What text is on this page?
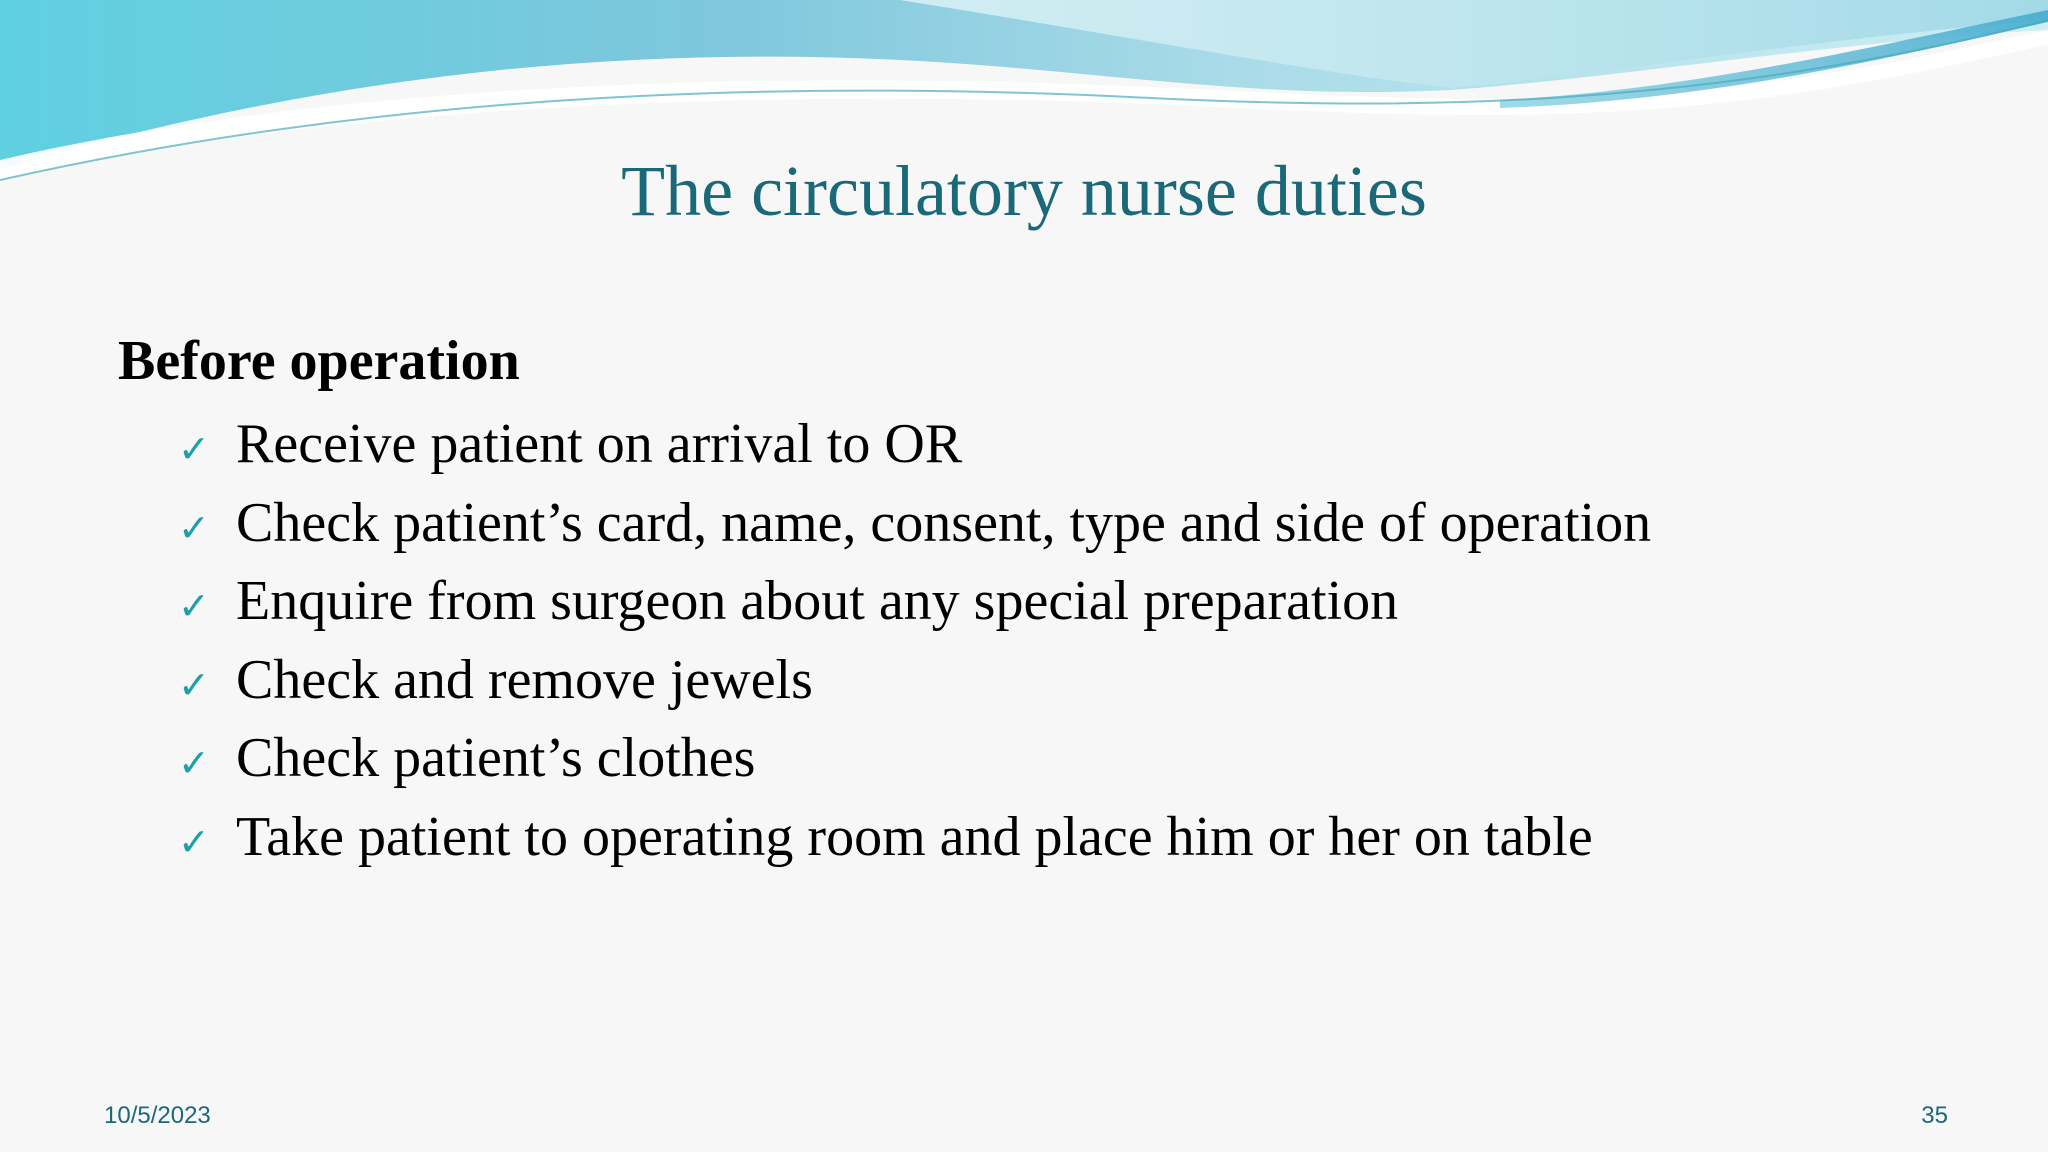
The circulatory nurse duties
Before operation
✓ Receive patient on arrival to OR
✓ Check patient’s card, name, consent, type and side of operation
✓ Enquire from surgeon about any special preparation
✓ Check and remove jewels
✓ Check patient’s clothes
✓ Take patient to operating room and place him or her on table
10/5/2023	35
